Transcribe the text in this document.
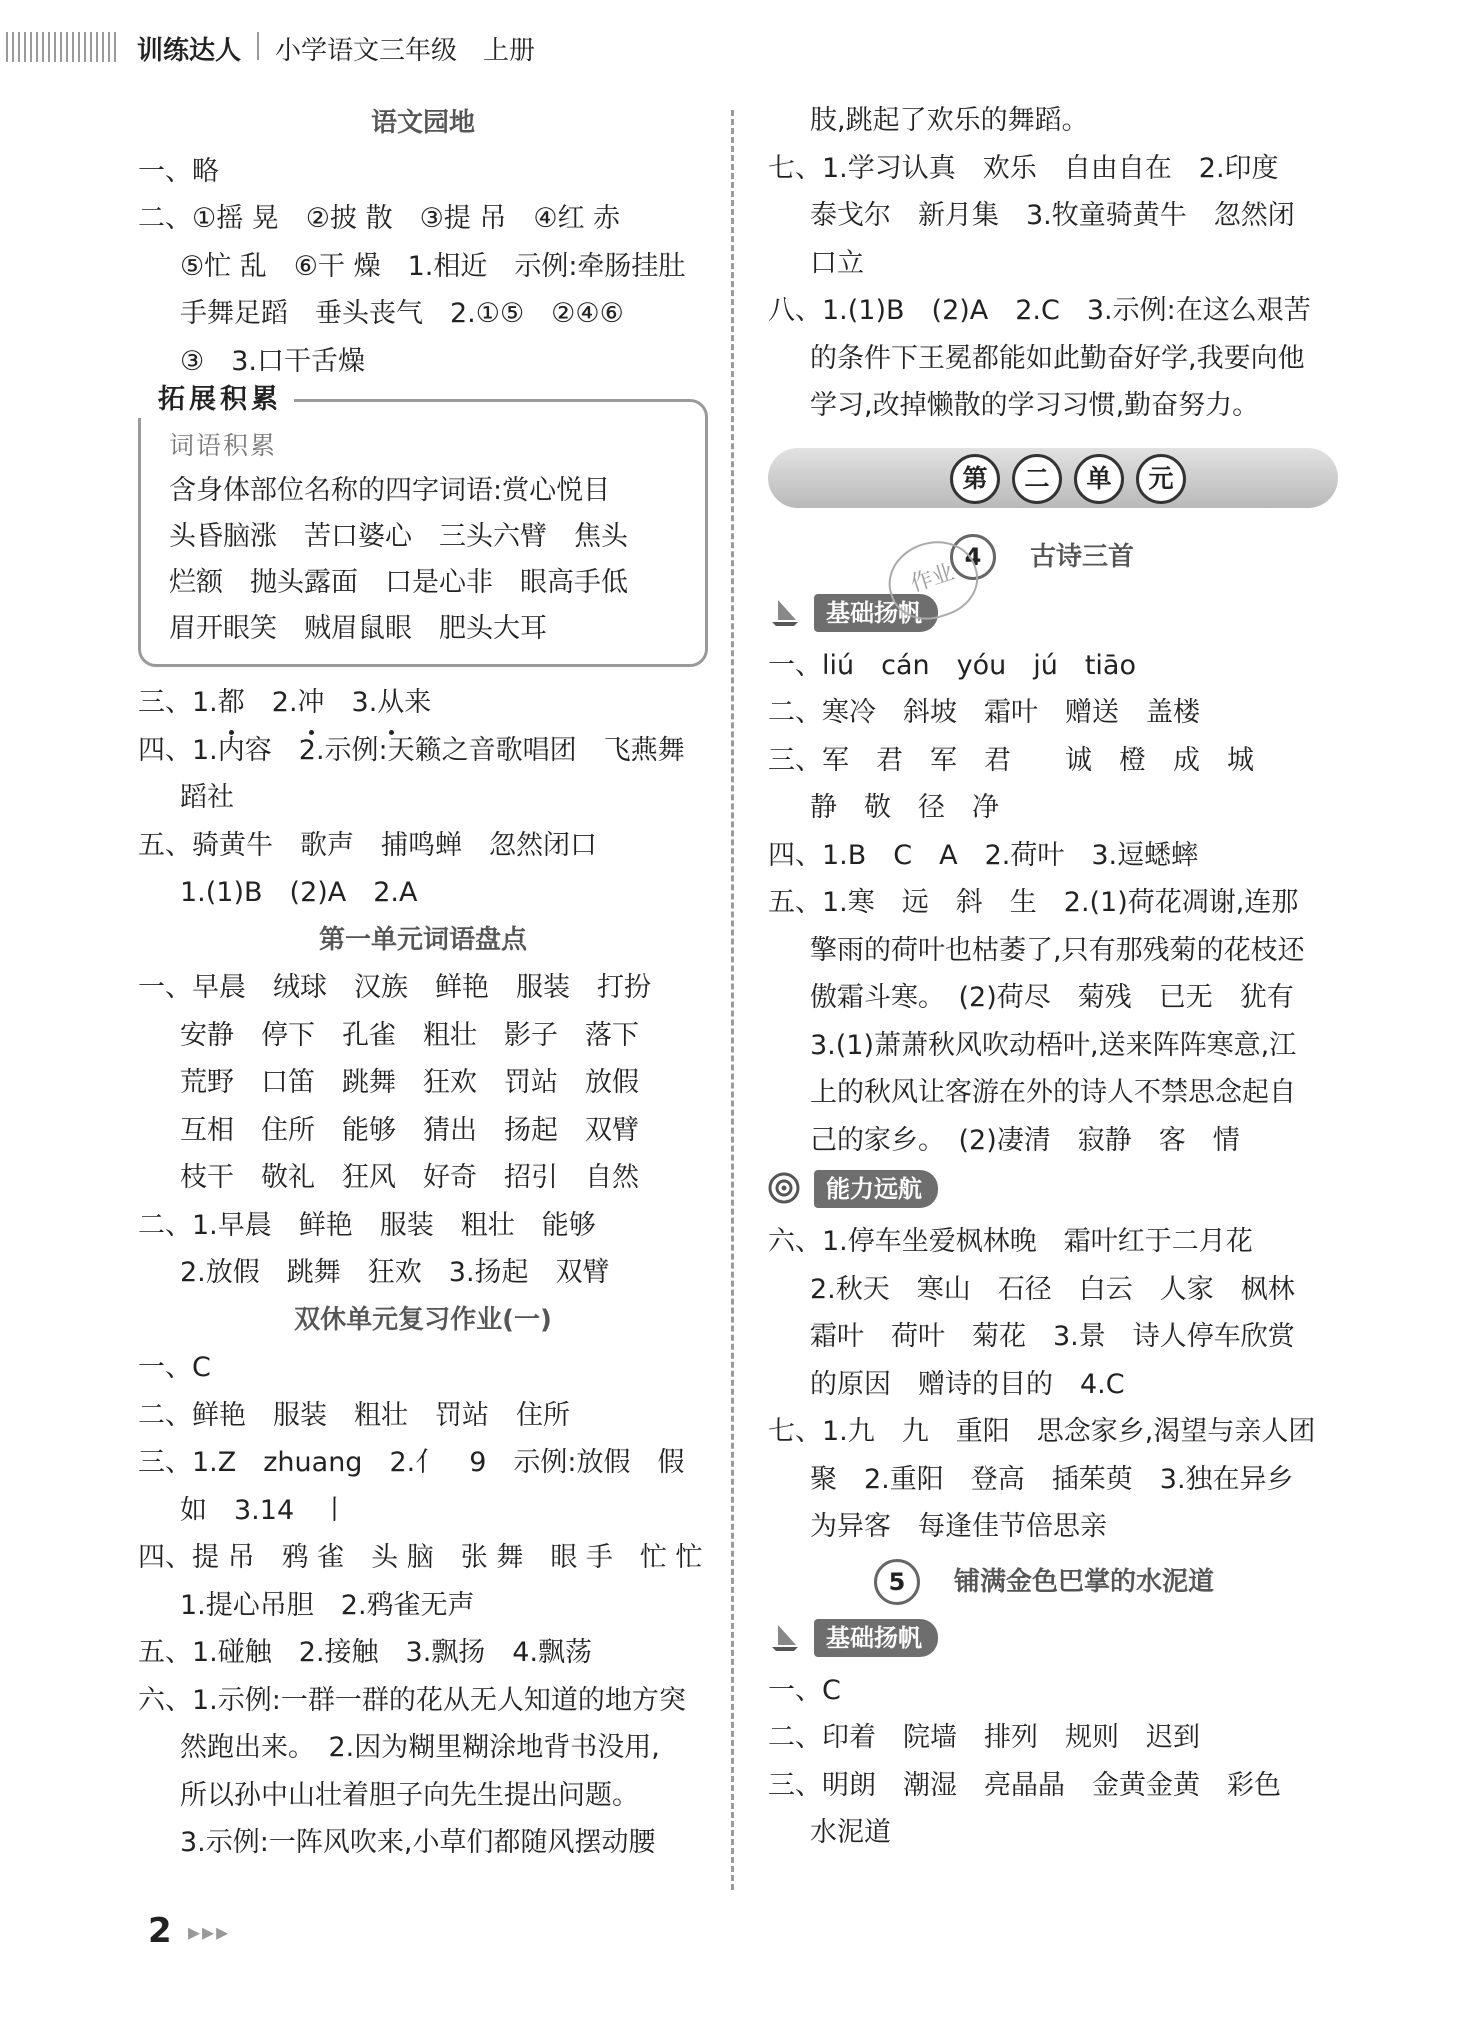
训练达人 小学语文三年级　上册
语文园地
一、略
二、①摇 晃　②披 散　③提 吊　④红 赤
⑤忙 乱　⑥干 燥　1.相近　示例:牵肠挂肚
手舞足蹈　垂头丧气　2.①⑤　②④⑥
③　3.口干舌燥
拓展积累
词语积累
含身体部位名称的四字词语:赏心悦目
头昏脑涨　苦口婆心　三头六臂　焦头
烂额　抛头露面　口是心非　眼高手低
眉开眼笑　贼眉鼠眼　肥头大耳
三、1.都　2.冲　3.从来
四、1.内容　2.示例:天籁之音歌唱团　飞燕舞
蹈社
五、骑黄牛　歌声　捕鸣蝉　忽然闭口
1.(1)B　(2)A　2.A
第一单元词语盘点
一、早晨　绒球　汉族　鲜艳　服装　打扮
安静　停下　孔雀　粗壮　影子　落下
荒野　口笛　跳舞　狂欢　罚站　放假
互相　住所　能够　猜出　扬起　双臂
枝干　敬礼　狂风　好奇　招引　自然
二、1.早晨　鲜艳　服装　粗壮　能够
2.放假　跳舞　狂欢　3.扬起　双臂
双休单元复习作业(一)
一、C
二、鲜艳　服装　粗壮　罚站　住所
三、1.Z　zhuang　2.亻　9　示例:放假　假
如　3.14　丨
四、提 吊　鸦 雀　头 脑　张 舞　眼 手　忙 忙
1.提心吊胆　2.鸦雀无声
五、1.碰触　2.接触　3.飘扬　4.飘荡
六、1.示例:一群一群的花从无人知道的地方突
然跑出来。　2.因为糊里糊涂地背书没用,
所以孙中山壮着胆子向先生提出问题。
3.示例:一阵风吹来,小草们都随风摆动腰
肢,跳起了欢乐的舞蹈。
七、1.学习认真　欢乐　自由自在　2.印度
泰戈尔　新月集　3.牧童骑黄牛　忽然闭
口立
八、1.(1)B　(2)A　2.C　3.示例:在这么艰苦
的条件下王冕都能如此勤奋好学,我要向他
学习,改掉懒散的学习习惯,勤奋努力。
第	二	单	元
4	古诗三首
基础扬帆
作业
一、liú　cán　yóu　jú　tiāo
二、寒冷　斜坡　霜叶　赠送　盖楼
三、军　君　军　君　　诚　橙　成　城
静　敬　径　净
四、1.B　C　A　2.荷叶　3.逗蟋蟀
五、1.寒　远　斜　生　2.(1)荷花凋谢,连那
擎雨的荷叶也枯萎了,只有那残菊的花枝还
傲霜斗寒。　(2)荷尽　菊残　已无　犹有
3.(1)萧萧秋风吹动梧叶,送来阵阵寒意,江
上的秋风让客游在外的诗人不禁思念起自
己的家乡。　(2)凄清　寂静　客　情
能力远航
六、1.停车坐爱枫林晚　霜叶红于二月花
2.秋天　寒山　石径　白云　人家　枫林
霜叶　荷叶　菊花　3.景　诗人停车欣赏
的原因　赠诗的目的　4.C
七、1.九　九　重阳　思念家乡,渴望与亲人团
聚　2.重阳　登高　插茱萸　3.独在异乡
为异客　每逢佳节倍思亲
5	铺满金色巴掌的水泥道
基础扬帆
一、C
二、印着　院墙　排列　规则　迟到
三、明朗　潮湿　亮晶晶　金黄金黄　彩色
水泥道
2 ▸▸▸
